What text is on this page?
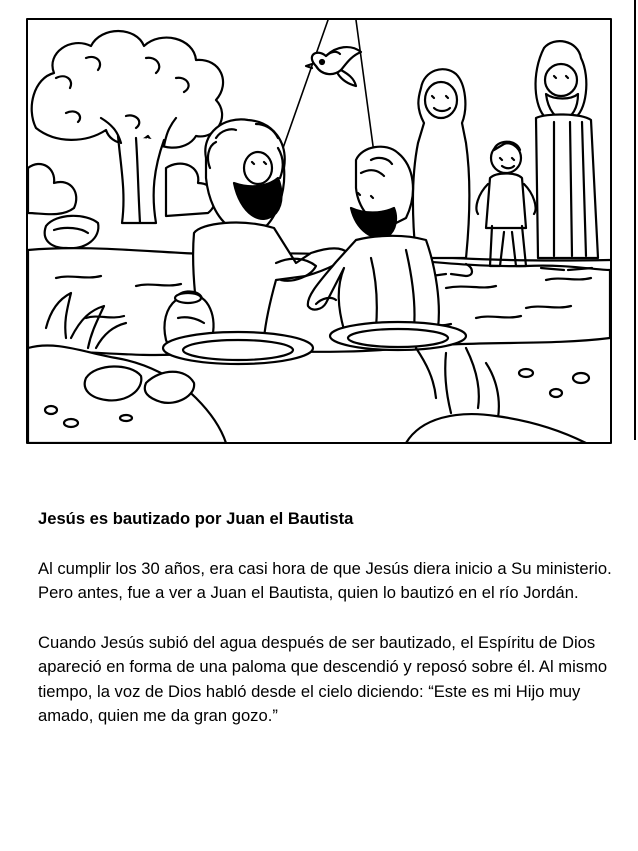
Jesús es bautizado por Juan el Bautista

Al cumplir los 30 años, era casi hora de que Jesús diera inicio a Su ministerio. Pero antes, fue a ver a Juan el Bautista, quien lo bautizó en el río Jordán.

Cuando Jesús subió del agua después de ser bautizado, el Espíritu de Dios apareció en forma de una paloma que descendió y reposó sobre él. Al mismo tiempo, la voz de Dios habló desde el cielo diciendo: “Este es mi Hijo muy amado, quien me da gran gozo.”
